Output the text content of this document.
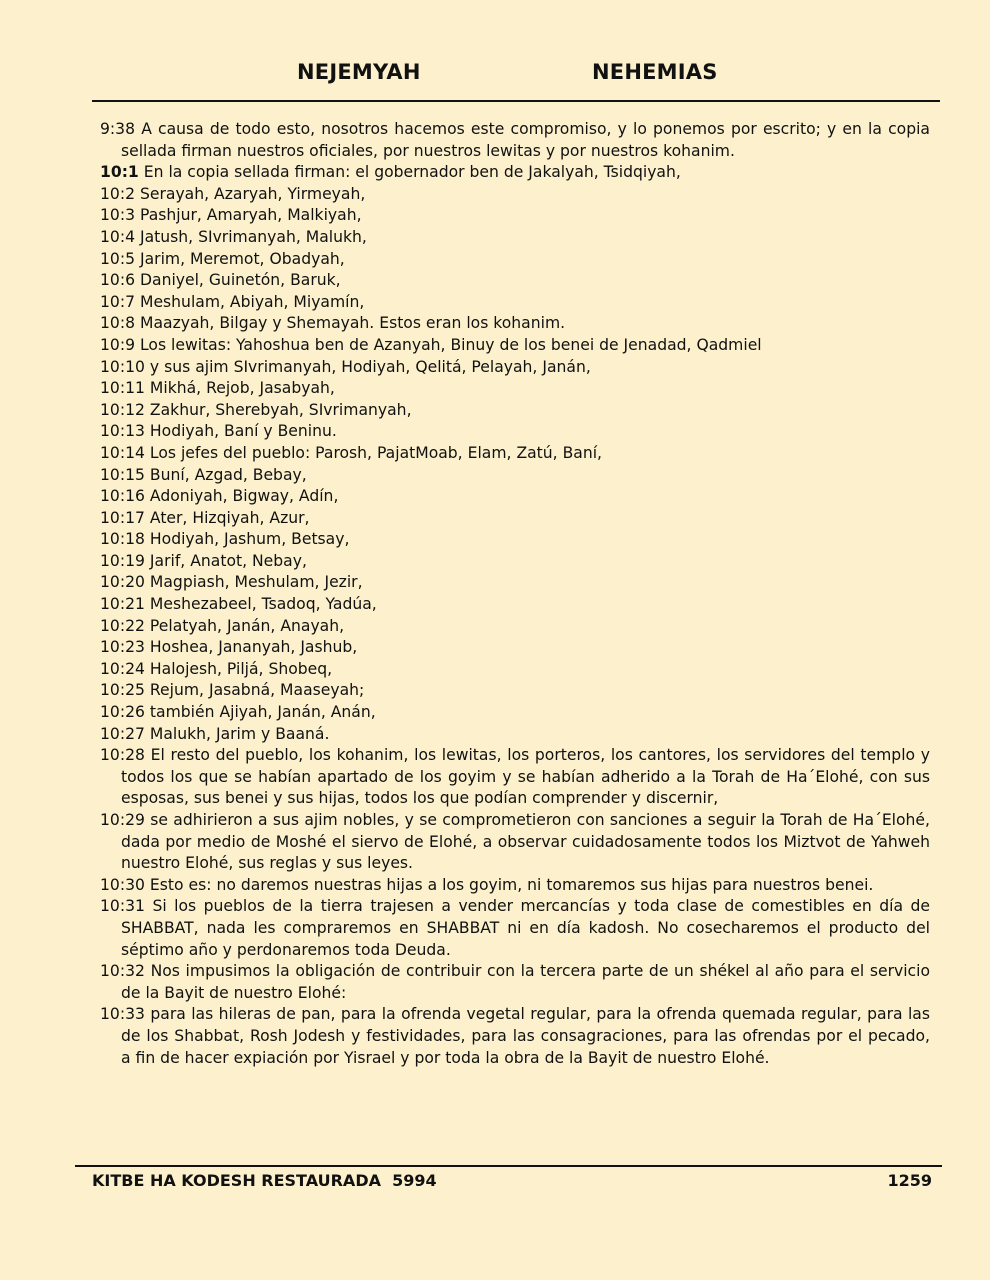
NEJEMYAH	NEHEMIAS

9:38 A causa de todo esto, nosotros hacemos este compromiso, y lo ponemos por escrito; y en la copia sellada firman nuestros oficiales, por nuestros lewitas y por nuestros kohanim.

10:1 En la copia sellada firman: el gobernador ben de Jakalyah, Tsidqiyah,

10:2 Serayah, Azaryah, Yirmeyah,

10:3 Pashjur, Amaryah, Malkiyah,

10:4 Jatush, SIvrimanyah, Malukh,

10:5 Jarim, Meremot, Obadyah,

10:6 Daniyel, Guinetón, Baruk,

10:7 Meshulam, Abiyah, Miyamín,

10:8 Maazyah, Bilgay y Shemayah. Estos eran los kohanim.

10:9 Los lewitas: Yahoshua ben de Azanyah, Binuy de los benei de Jenadad, Qadmiel

10:10 y sus ajim SIvrimanyah, Hodiyah, Qelitá, Pelayah, Janán,

10:11 Mikhá, Rejob, Jasabyah,

10:12 Zakhur, Sherebyah, SIvrimanyah,

10:13 Hodiyah, Baní y Beninu.

10:14 Los jefes del pueblo: Parosh, PajatMoab, Elam, Zatú, Baní,

10:15 Buní, Azgad, Bebay,

10:16 Adoniyah, Bigway, Adín,

10:17 Ater, Hizqiyah, Azur,

10:18 Hodiyah, Jashum, Betsay,

10:19 Jarif, Anatot, Nebay,

10:20 Magpiash, Meshulam, Jezir,

10:21 Meshezabeel, Tsadoq, Yadúa,

10:22 Pelatyah, Janán, Anayah,

10:23 Hoshea, Jananyah, Jashub,

10:24 Halojesh, Piljá, Shobeq,

10:25 Rejum, Jasabná, Maaseyah;

10:26 también Ajiyah, Janán, Anán,

10:27 Malukh, Jarim y Baaná.

10:28 El resto del pueblo, los kohanim, los lewitas, los porteros, los cantores, los servidores del templo y todos los que se habían apartado de los goyim y se habían adherido a la Torah de Ha´Elohé, con sus esposas, sus benei y sus hijas, todos los que podían comprender y discernir,

10:29 se adhirieron a sus ajim nobles, y se comprometieron con sanciones a seguir la Torah de Ha´Elohé, dada por medio de Moshé el siervo de Elohé, a observar cuidadosamente todos los Miztvot de Yahweh nuestro Elohé, sus reglas y sus leyes.

10:30 Esto es: no daremos nuestras hijas a los goyim, ni tomaremos sus hijas para nuestros benei.

10:31 Si los pueblos de la tierra trajesen a vender mercancías y toda clase de comestibles en día de SHABBAT, nada les compraremos en SHABBAT ni en día kadosh. No cosecharemos el producto del séptimo año y perdonaremos toda Deuda.

10:32 Nos impusimos la obligación de contribuir con la tercera parte de un shékel al año para el servicio de la Bayit de nuestro Elohé:

10:33 para las hileras de pan, para la ofrenda vegetal regular, para la ofrenda quemada regular, para las de los Shabbat, Rosh Jodesh y festividades, para las consagraciones, para las ofrendas por el pecado, a fin de hacer expiación por Yisrael y por toda la obra de la Bayit de nuestro Elohé.

KITBE HA KODESH RESTAURADA  5994	1259
